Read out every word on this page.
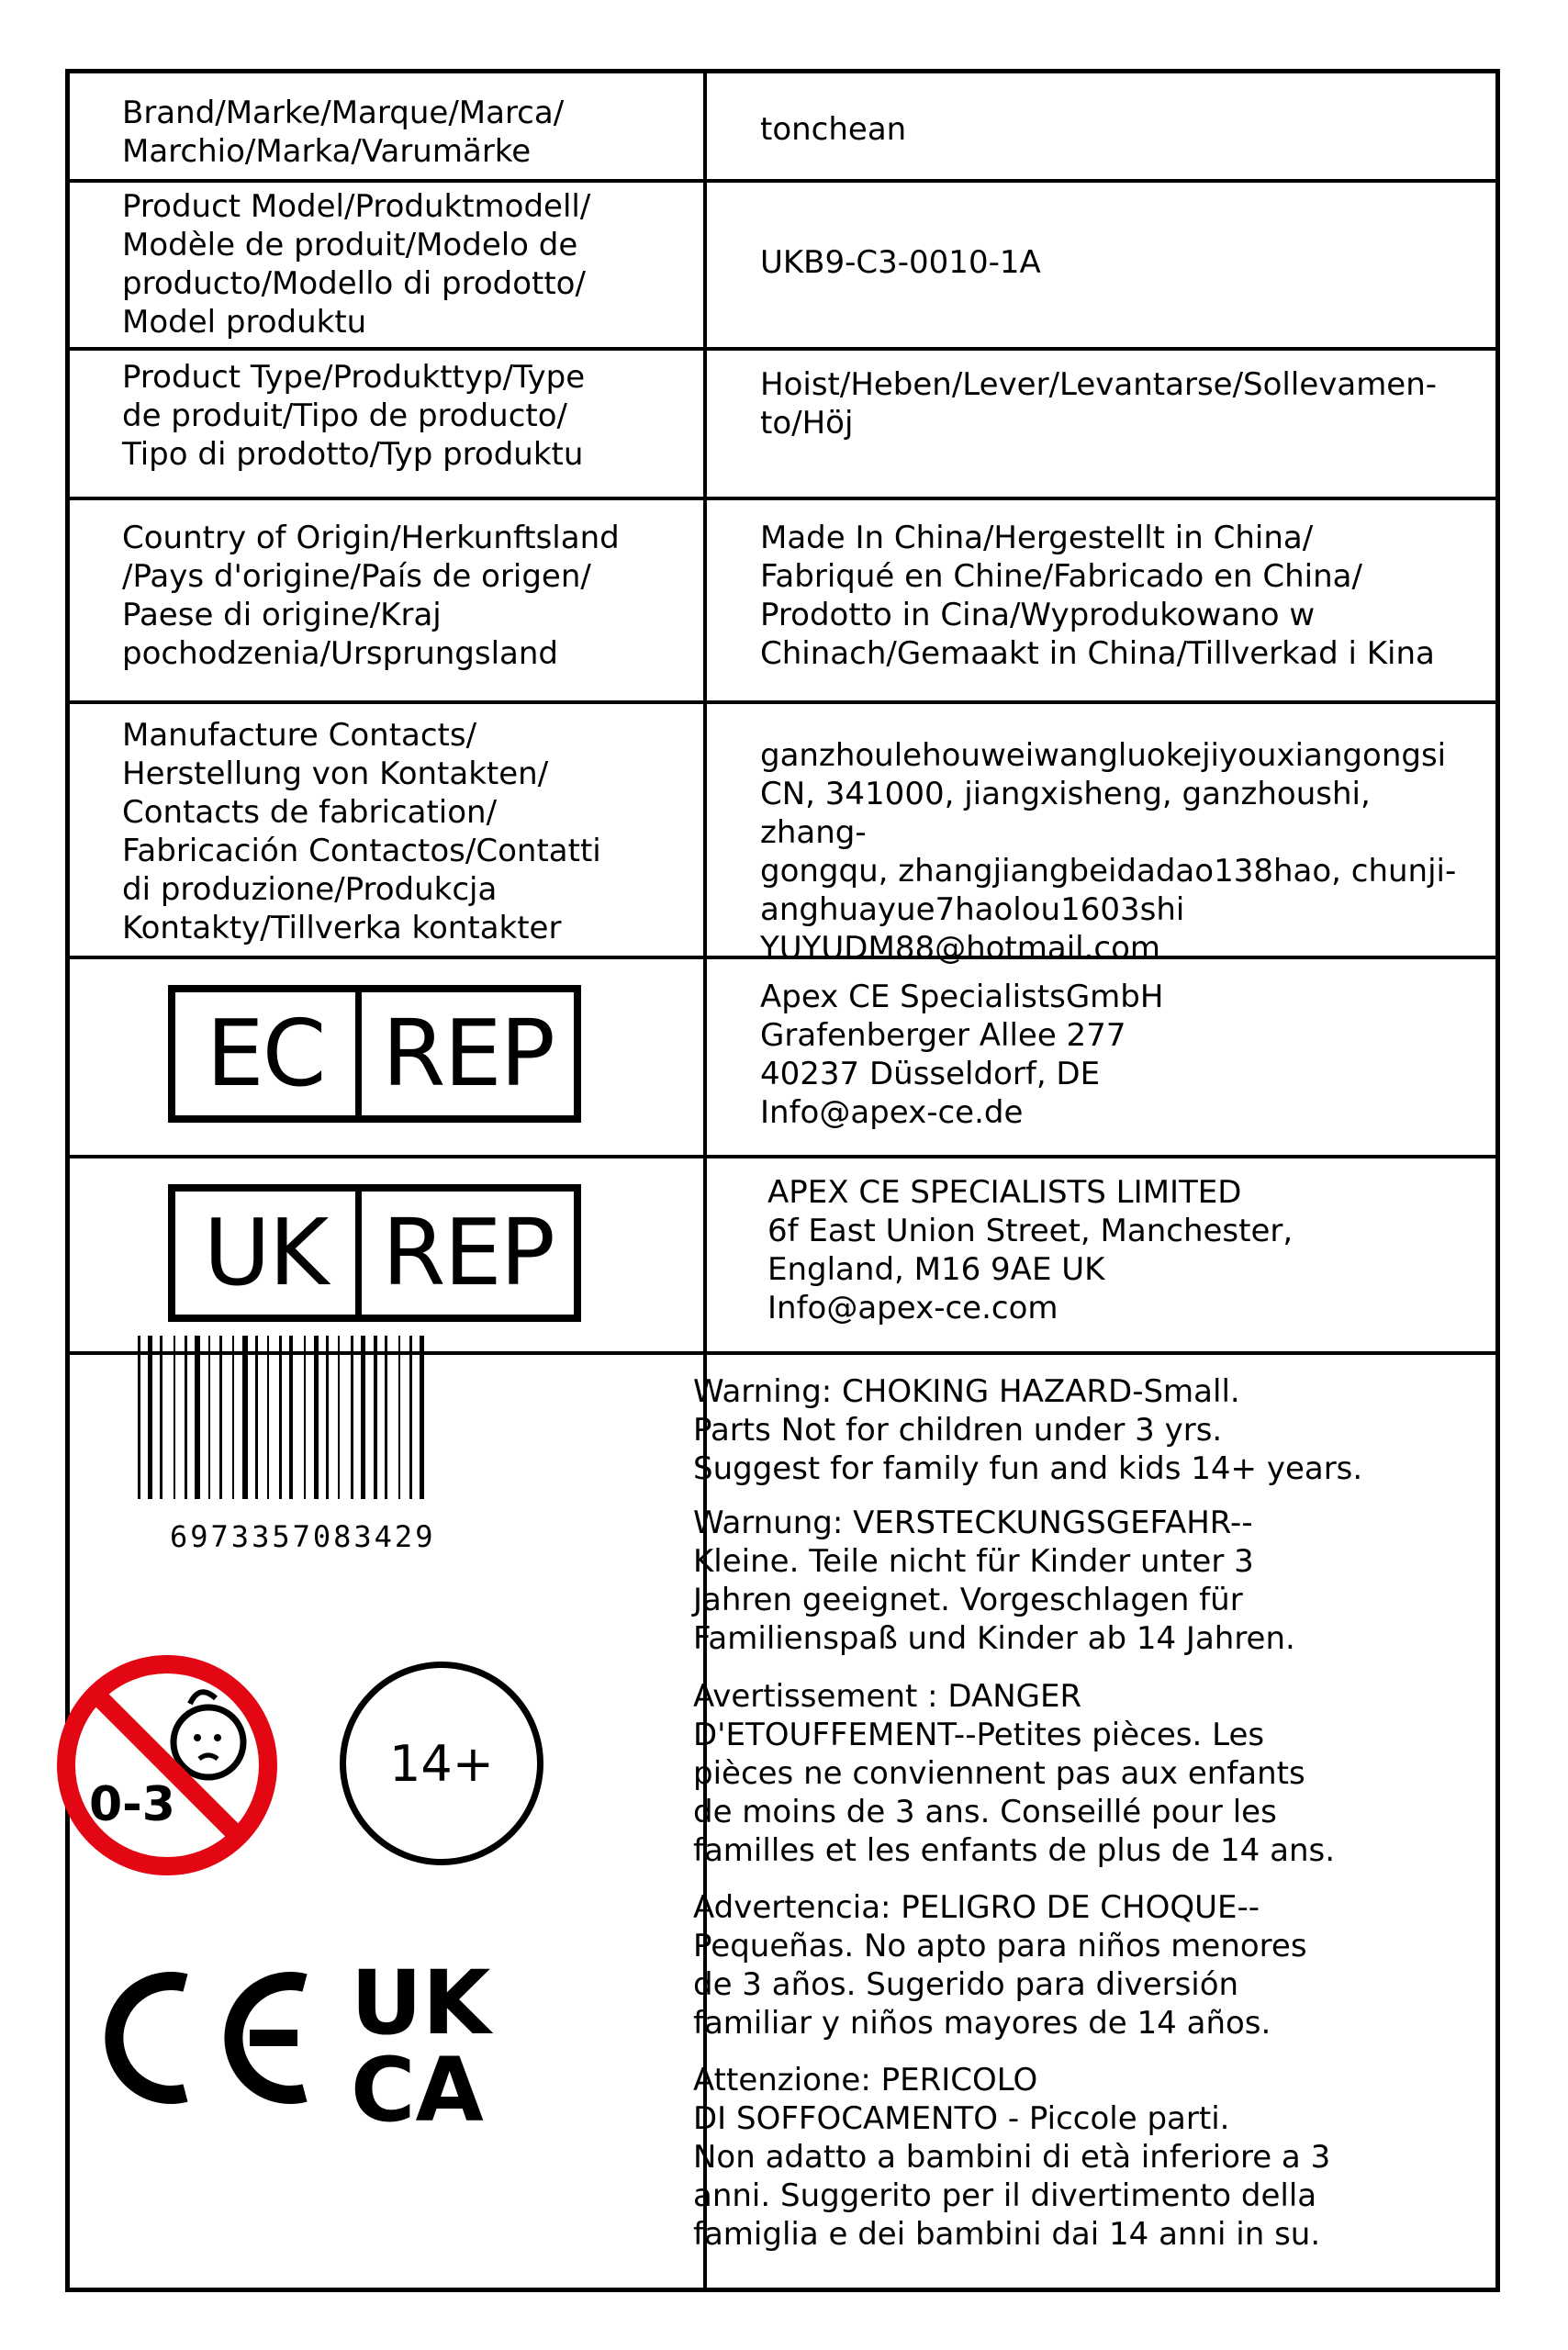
Brand/Marke/Marque/Marca/
Marchio/Marka/Varumärke
tonchean
Product Model/Produktmodell/
Modèle de produit/Modelo de
producto/Modello di prodotto/
Model produktu
UKB9-C3-0010-1A
Product Type/Produkttyp/Type
de produit/Tipo de producto/
Tipo di prodotto/Typ produktu
Hoist/Heben/Lever/Levantarse/Sollevamen-
to/Höj
Country of Origin/Herkunftsland
/Pays d'origine/País de origen/
Paese di origine/Kraj
pochodzenia/Ursprungsland
Made In China/Hergestellt in China/
Fabriqué en Chine/Fabricado en China/
Prodotto in Cina/Wyprodukowano w
Chinach/Gemaakt in China/Tillverkad i Kina
Manufacture Contacts/
Herstellung von Kontakten/
Contacts de fabrication/
Fabricación Contactos/Contatti
di produzione/Produkcja
Kontakty/Tillverka kontakter
ganzhoulehouweiwangluokejiyouxiangongsi
CN, 341000, jiangxisheng, ganzhoushi, zhang-
gongqu, zhangjiangbeidadao138hao, chunji-
anghuayue7haolou1603shi
YUYUDM88@hotmail.com
EC REP
Apex CE SpecialistsGmbH
Grafenberger Allee 277
40237 Düsseldorf, DE
Info@apex-ce.de
UK REP
APEX CE SPECIALISTS LIMITED
6f East Union Street, Manchester,
England, M16 9AE UK
Info@apex-ce.com
6973357083429
0-3
14+
CE	UK
CA
Warning: CHOKING HAZARD-Small.
Parts Not for children under 3 yrs.
Suggest for family fun and kids 14+ years.
Warnung: VERSTECKUNGSGEFAHR--
Kleine. Teile nicht für Kinder unter 3
Jahren geeignet. Vorgeschlagen für
Familienspaß und Kinder ab 14 Jahren.
Avertissement : DANGER
D'ETOUFFEMENT--Petites pièces. Les
pièces ne conviennent pas aux enfants
de moins de 3 ans. Conseillé pour les
familles et les enfants de plus de 14 ans.
Advertencia: PELIGRO DE CHOQUE--
Pequeñas. No apto para niños menores
de 3 años. Sugerido para diversión
familiar y niños mayores de 14 años.
Attenzione: PERICOLO
DI SOFFOCAMENTO - Piccole parti.
Non adatto a bambini di età inferiore a 3
anni. Suggerito per il divertimento della
famiglia e dei bambini dai 14 anni in su.
